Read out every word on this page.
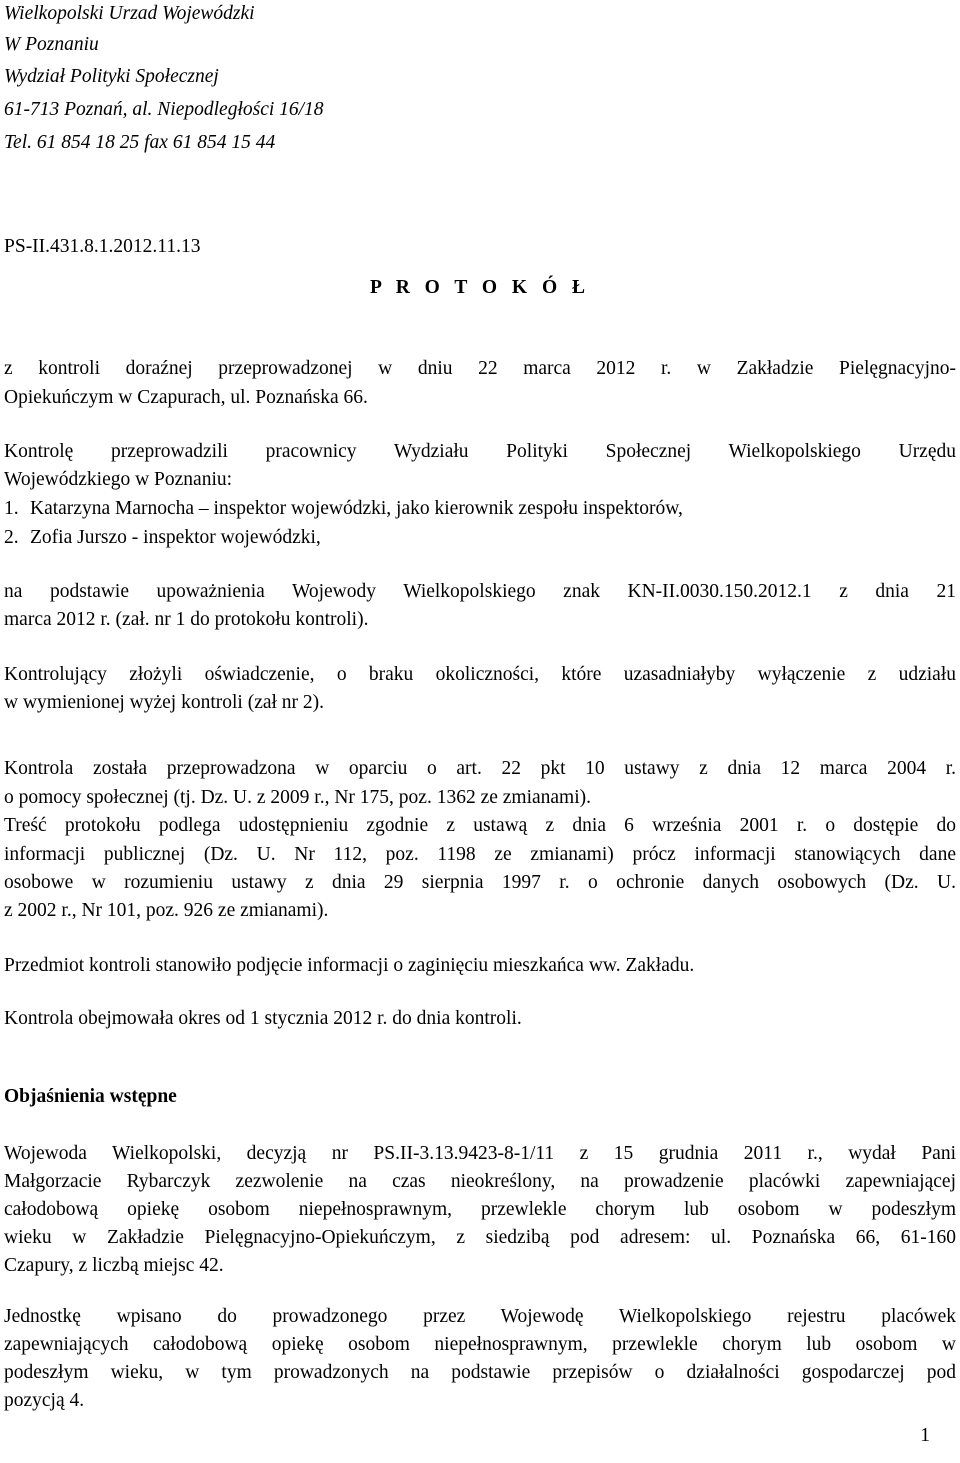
Wielkopolski Urzad Wojewódzki
W Poznaniu
Wydział Polityki Społecznej
61-713 Poznań, al. Niepodległości 16/18
Tel. 61 854 18 25 fax 61 854 15 44
PS-II.431.8.1.2012.11.13
P R O T O K Ó Ł
z kontroli doraźnej przeprowadzonej w dniu 22 marca 2012 r. w Zakładzie Pielęgnacyjno-
Opiekuńczym w Czapurach, ul. Poznańska 66.
Kontrolę przeprowadzili pracownicy Wydziału Polityki Społecznej Wielkopolskiego Urzędu
Wojewódzkiego w Poznaniu:
1. Katarzyna Marnocha – inspektor wojewódzki, jako kierownik zespołu inspektorów,
2. Zofia Jurszo - inspektor wojewódzki,
na podstawie upoważnienia Wojewody Wielkopolskiego znak KN-II.0030.150.2012.1 z dnia 21
marca 2012 r. (zał. nr 1 do protokołu kontroli).
Kontrolujący złożyli oświadczenie, o braku okoliczności, które uzasadniałyby wyłączenie z udziału
w wymienionej wyżej kontroli (zał nr 2).
Kontrola została przeprowadzona w oparciu o art. 22 pkt 10 ustawy z dnia 12 marca 2004 r.
o pomocy społecznej (tj. Dz. U. z 2009 r., Nr 175, poz. 1362 ze zmianami).
Treść protokołu podlega udostępnieniu zgodnie z ustawą z dnia 6 września 2001 r. o dostępie do
informacji publicznej (Dz. U. Nr 112, poz. 1198 ze zmianami) prócz informacji stanowiących dane
osobowe w rozumieniu ustawy z dnia 29 sierpnia 1997 r. o ochronie danych osobowych (Dz. U.
z 2002 r., Nr 101, poz. 926 ze zmianami).
Przedmiot kontroli stanowiło podjęcie informacji o zaginięciu mieszkańca ww. Zakładu.
Kontrola obejmowała okres od 1 stycznia 2012 r. do dnia kontroli.
Objaśnienia wstępne
Wojewoda Wielkopolski, decyzją nr PS.II-3.13.9423-8-1/11 z 15 grudnia 2011 r., wydał Pani
Małgorzacie Rybarczyk zezwolenie na czas nieokreślony, na prowadzenie placówki zapewniającej
całodobową opiekę osobom niepełnosprawnym, przewlekle chorym lub osobom w podeszłym
wieku w Zakładzie Pielęgnacyjno-Opiekuńczym, z siedzibą pod adresem: ul. Poznańska 66, 61-160
Czapury, z liczbą miejsc 42.
Jednostkę wpisano do prowadzonego przez Wojewodę Wielkopolskiego rejestru placówek
zapewniających całodobową opiekę osobom niepełnosprawnym, przewlekle chorym lub osobom w
podeszłym wieku, w tym prowadzonych na podstawie przepisów o działalności gospodarczej pod
pozycją 4.
1
